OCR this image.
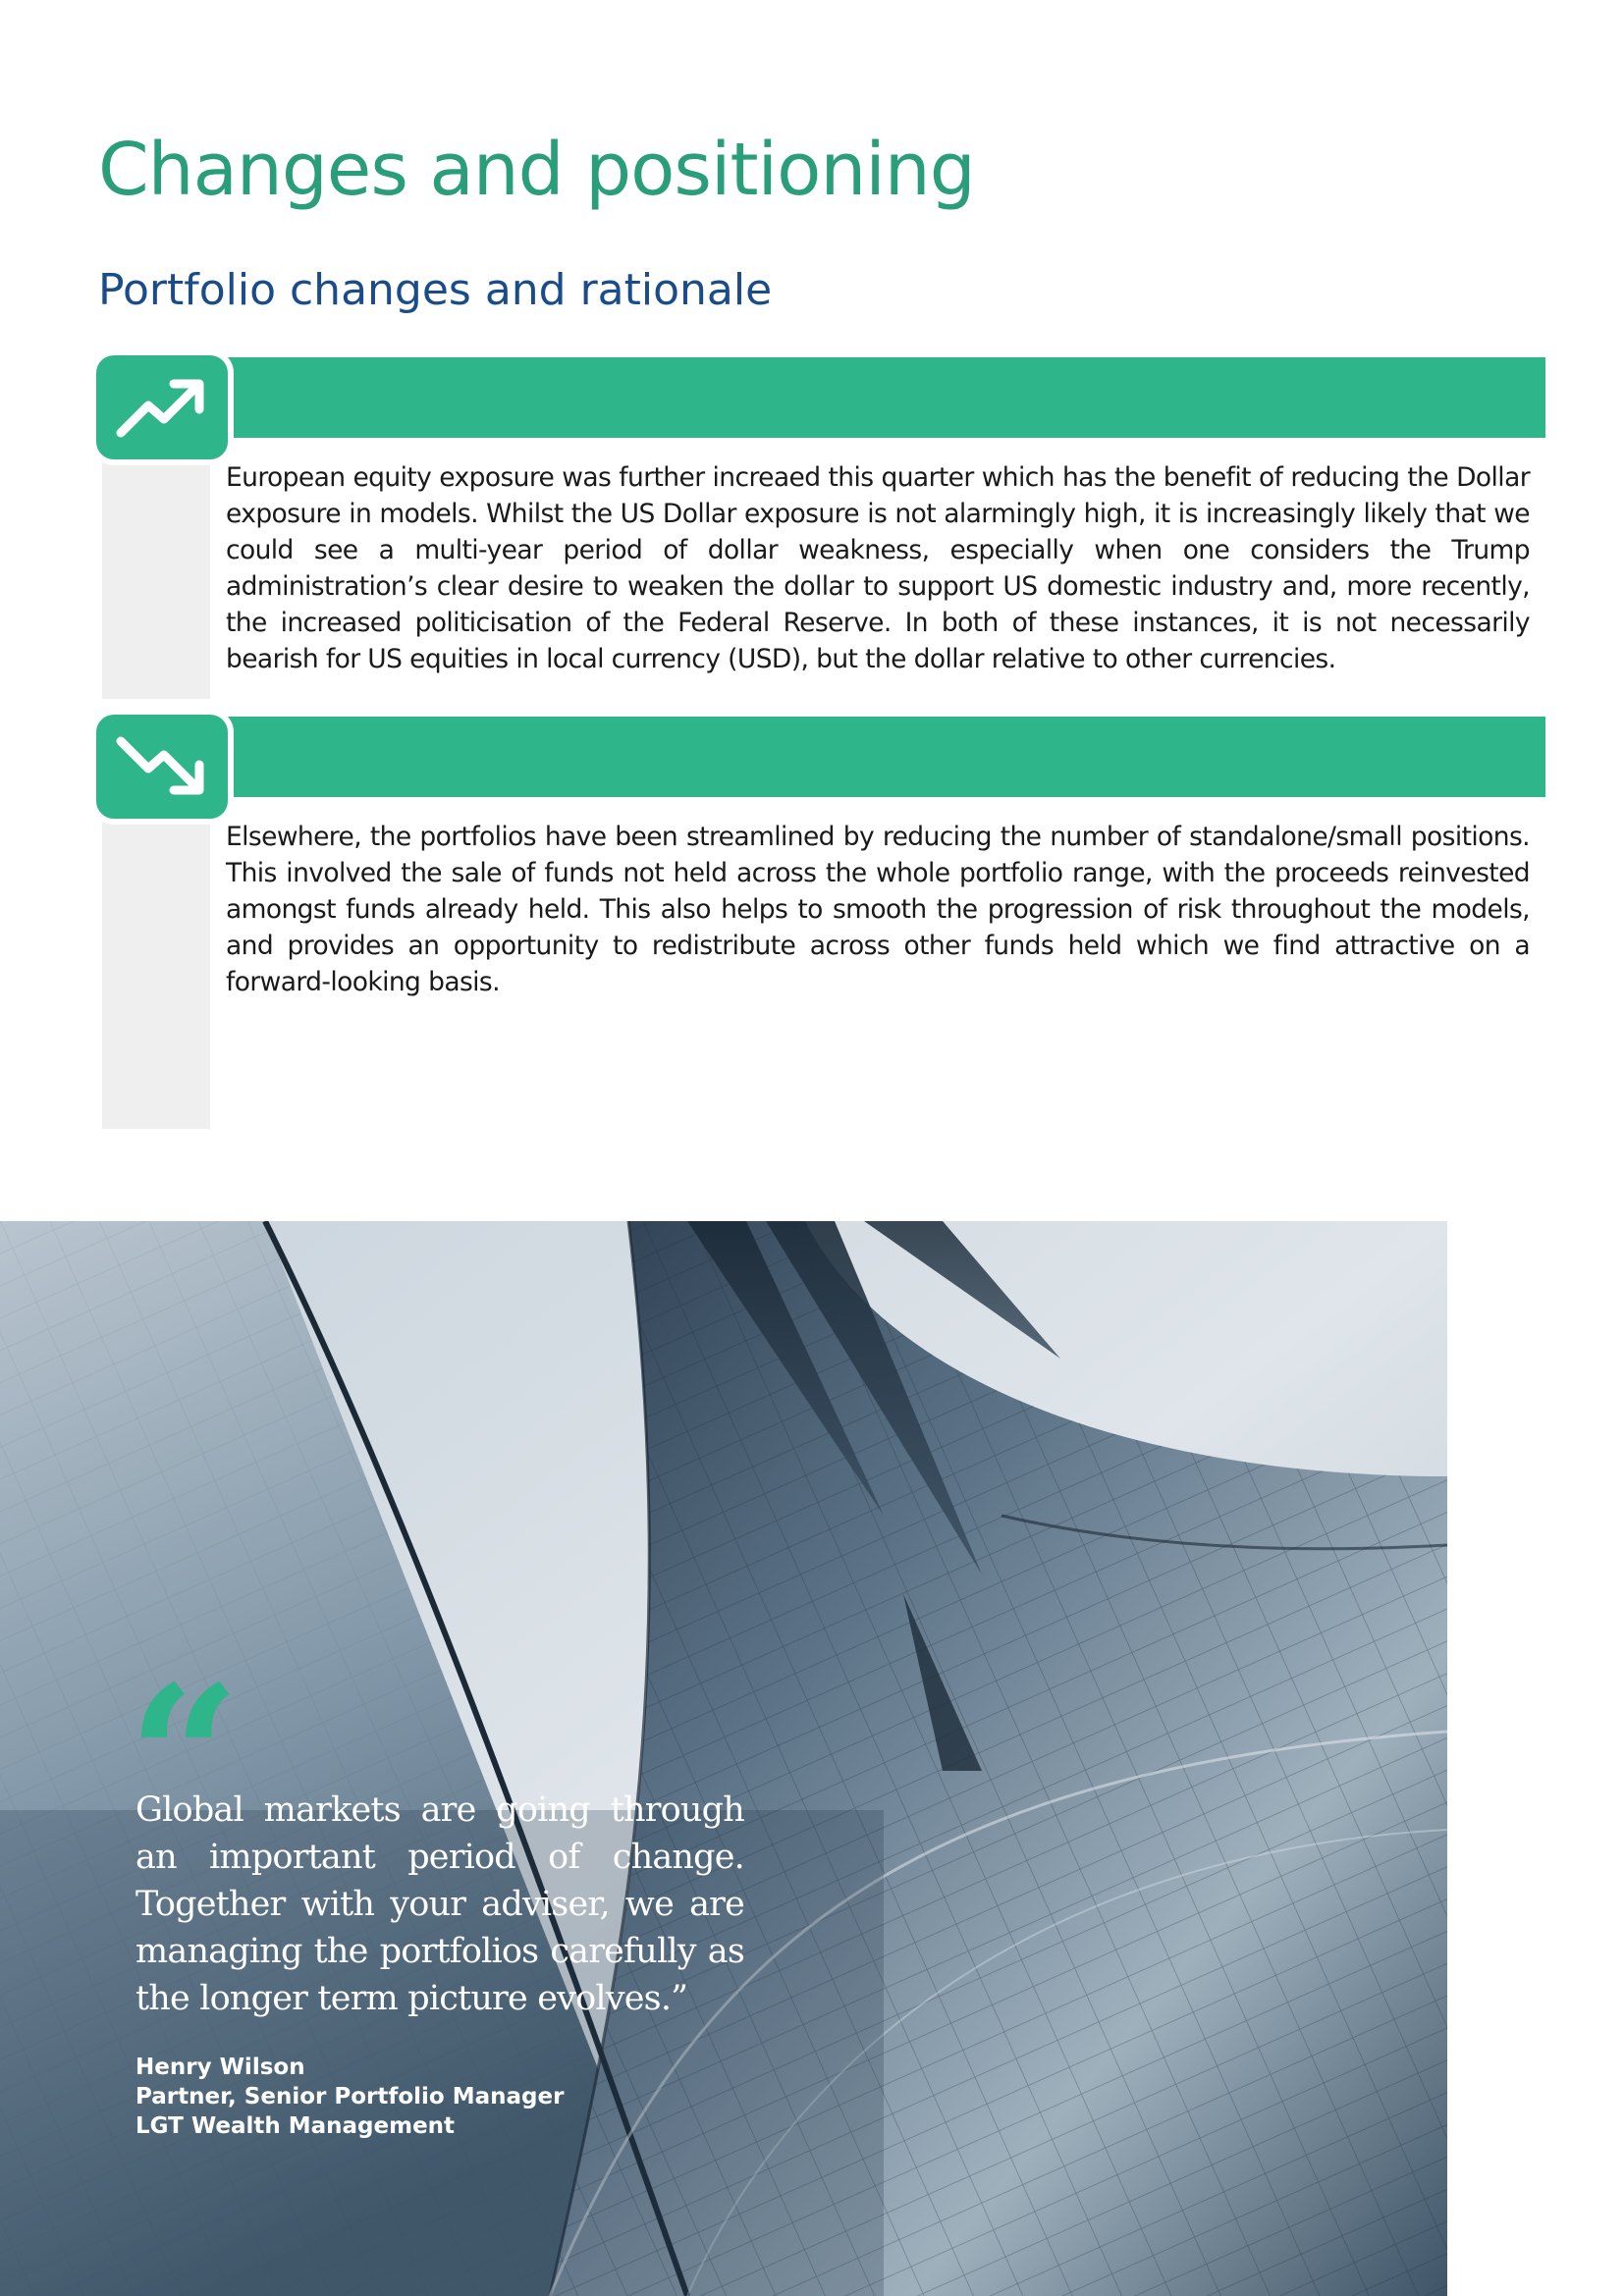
Changes and positioning
Portfolio changes and rationale

European equity exposure was further increaed this quarter which has the benefit of reducing the Dollar exposure in models. Whilst the US Dollar exposure is not alarmingly high, it is increasingly likely that we could see a multi-year period of dollar weakness, especially when one considers the Trump administration’s clear desire to weaken the dollar to support US domestic industry and, more recently, the increased politicisation of the Federal Reserve. In both of these instances, it is not necessarily bearish for US equities in local currency (USD), but the dollar relative to other currencies.

Elsewhere, the portfolios have been streamlined by reducing the number of standalone/small positions. This involved the sale of funds not held across the whole portfolio range, with the proceeds reinvested amongst funds already held. This also helps to smooth the progression of risk throughout the models, and provides an opportunity to redistribute across other funds held which we find attractive on a forward-looking basis.

“

Global markets are going through an important period of change. Together with your adviser, we are managing the portfolios carefully as the longer term picture evolves.”

Henry Wilson
Partner, Senior Portfolio Manager
LGT Wealth Management
